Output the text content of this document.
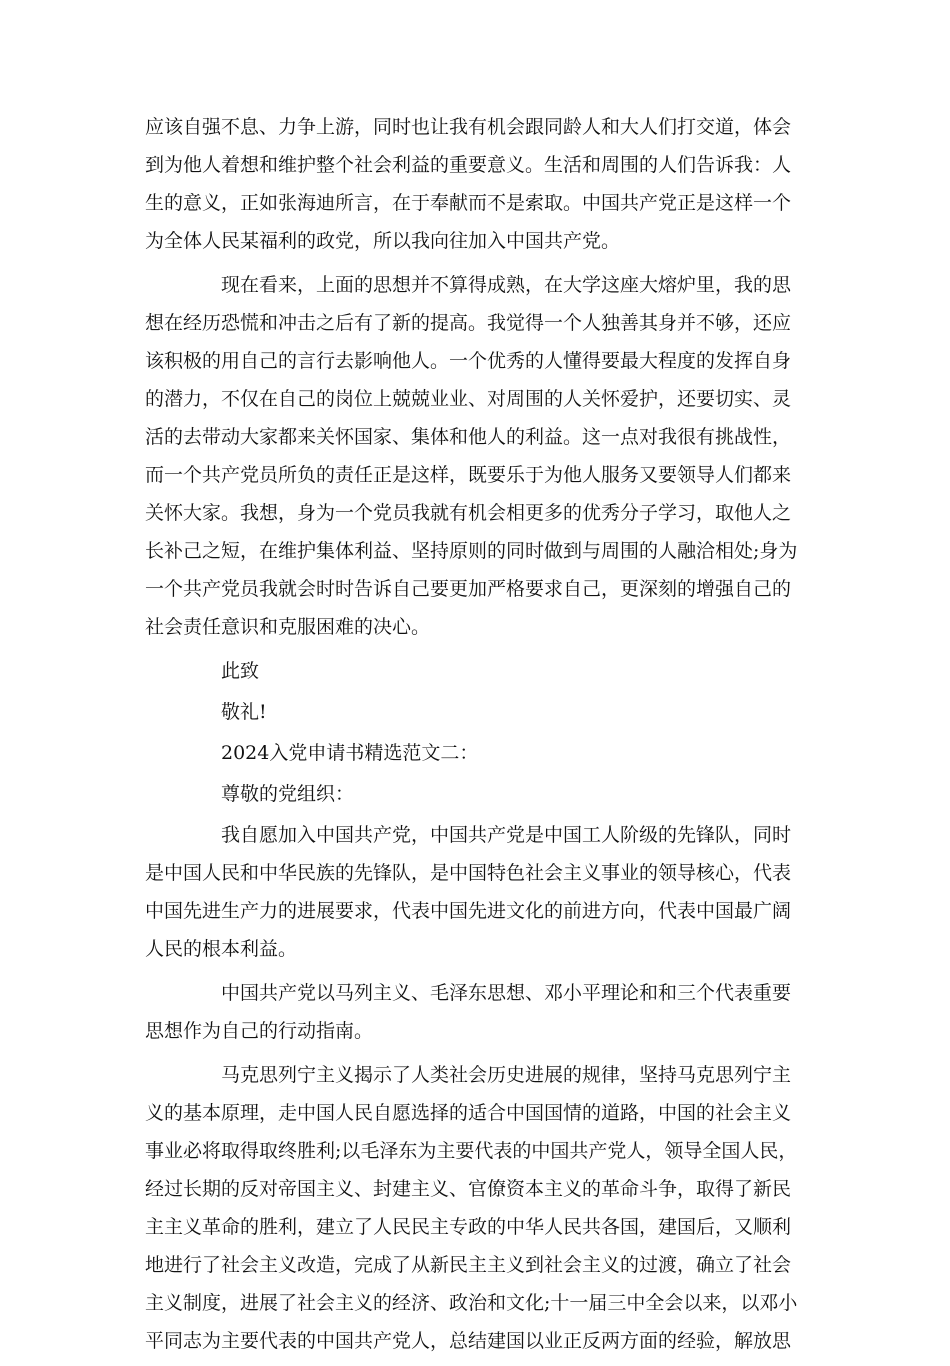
应该自强不息、力争上游，同时也让我有机会跟同龄人和大人们打交道，体会
到为他人着想和维护整个社会利益的重要意义。生活和周围的人们告诉我：人
生的意义，正如张海迪所言，在于奉献而不是索取。中国共产党正是这样一个
为全体人民某福利的政党，所以我向往加入中国共产党。
现在看来，上面的思想并不算得成熟，在大学这座大熔炉里，我的思
想在经历恐慌和冲击之后有了新的提高。我觉得一个人独善其身并不够，还应
该积极的用自己的言行去影响他人。一个优秀的人懂得要最大程度的发挥自身
的潜力，不仅在自己的岗位上兢兢业业、对周围的人关怀爱护，还要切实、灵
活的去带动大家都来关怀国家、集体和他人的利益。这一点对我很有挑战性，
而一个共产党员所负的责任正是这样，既要乐于为他人服务又要领导人们都来
关怀大家。我想，身为一个党员我就有机会相更多的优秀分子学习，取他人之
长补己之短，在维护集体利益、坚持原则的同时做到与周围的人融洽相处;身为
一个共产党员我就会时时告诉自己要更加严格要求自己，更深刻的增强自己的
社会责任意识和克服困难的决心。
此致
敬礼!
2024入党申请书精选范文二：
尊敬的党组织：
我自愿加入中国共产党，中国共产党是中国工人阶级的先锋队，同时
是中国人民和中华民族的先锋队，是中国特色社会主义事业的领导核心，代表
中国先进生产力的进展要求，代表中国先进文化的前进方向，代表中国最广阔
人民的根本利益。
中国共产党以马列主义、毛泽东思想、邓小平理论和和三个代表重要
思想作为自己的行动指南。
马克思列宁主义揭示了人类社会历史进展的规律，坚持马克思列宁主
义的基本原理，走中国人民自愿选择的适合中国国情的道路，中国的社会主义
事业必将取得取终胜利;以毛泽东为主要代表的中国共产党人，领导全国人民，
经过长期的反对帝国主义、封建主义、官僚资本主义的革命斗争，取得了新民
主主义革命的胜利，建立了人民民主专政的中华人民共各国，建国后，又顺利
地进行了社会主义改造，完成了从新民主主义到社会主义的过渡，确立了社会
主义制度，进展了社会主义的经济、政治和文化;十一届三中全会以来，以邓小
平同志为主要代表的中国共产党人，总结建国以业正反两方面的经验，解放思
